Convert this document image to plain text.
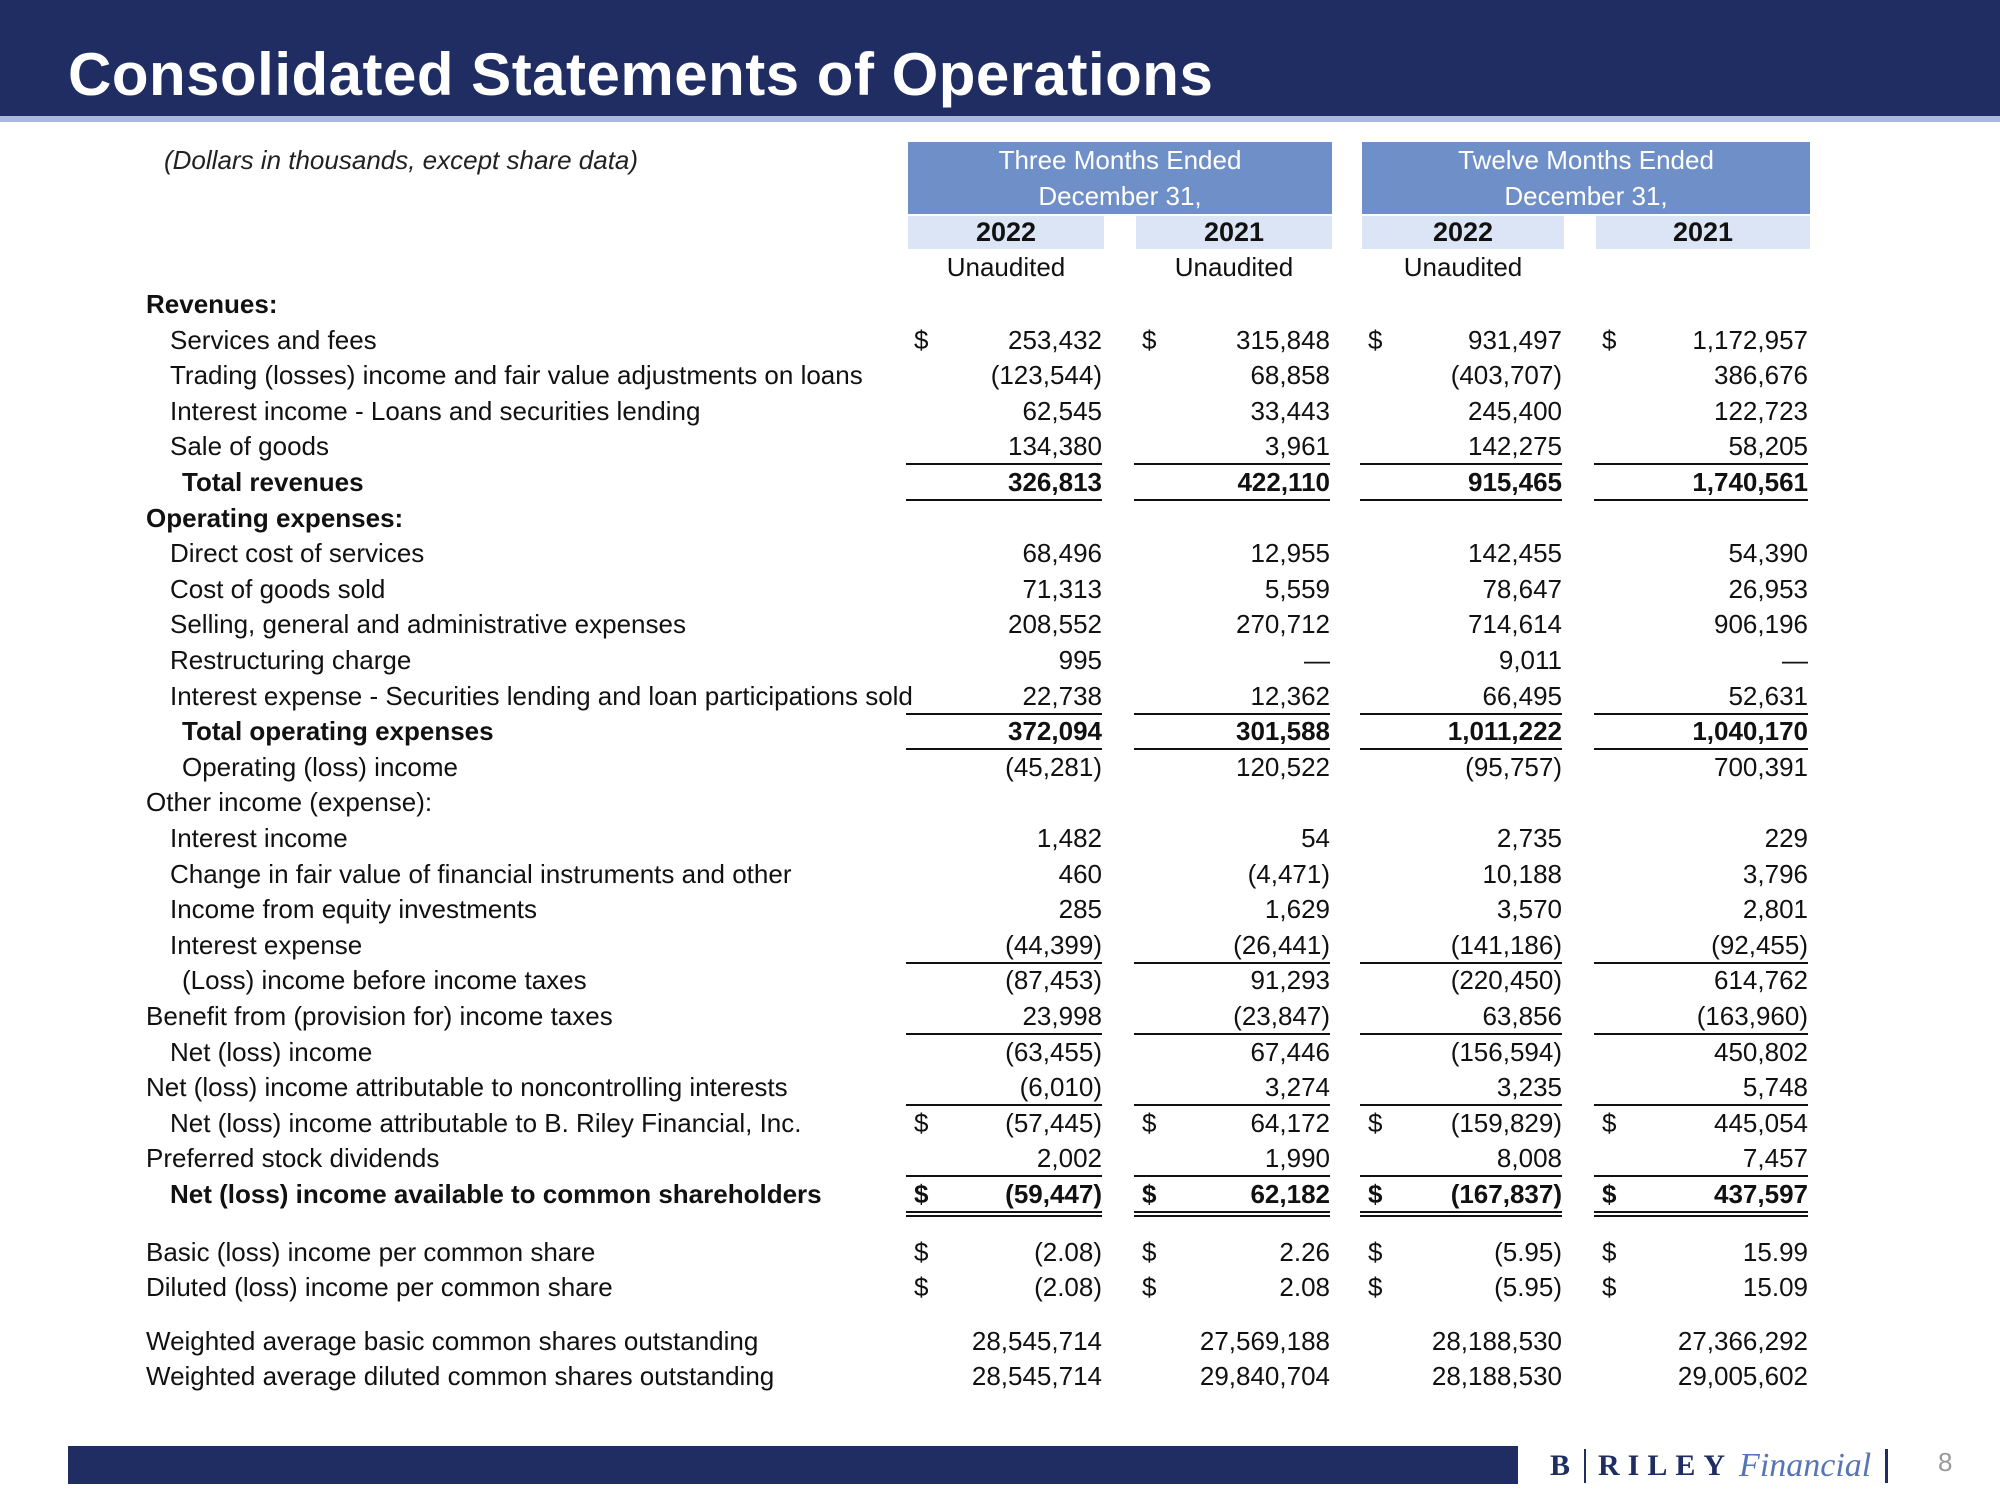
Consolidated Statements of Operations
(Dollars in thousands, except share data)	Three Months Ended
December 31,
Twelve Months Ended
December 31,
2022	2021	2022	2021
Unaudited	Unaudited	Unaudited
Revenues:
Services and fees	$	253,432 $	315,848 $	931,497 $	1,172,957
Trading (losses) income and fair value adjustments on loans	(123,544)	68,858	(403,707)	386,676
Interest income - Loans and securities lending	62,545	33,443	245,400	122,723
Sale of goods	134,380	3,961	142,275	58,205
Total revenues	326,813	422,110	915,465	1,740,561
Operating expenses:
Direct cost of services	68,496	12,955	142,455	54,390
Cost of goods sold	71,313	5,559	78,647	26,953
Selling, general and administrative expenses	208,552	270,712	714,614	906,196
Restructuring charge	995	—	9,011	—
Interest expense - Securities lending and loan participations sold	22,738	12,362	66,495	52,631
Total operating expenses	372,094	301,588	1,011,222	1,040,170
Operating (loss) income	(45,281)	120,522	(95,757)	700,391
Other income (expense):
Interest income	1,482	54	2,735	229
Change in fair value of financial instruments and other	460	(4,471)	10,188	3,796
Income from equity investments	285	1,629	3,570	2,801
Interest expense	(44,399)	(26,441)	(141,186)	(92,455)
(Loss) income before income taxes	(87,453)	91,293	(220,450)	614,762
Benefit from (provision for) income taxes	23,998	(23,847)	63,856	(163,960)
Net (loss) income	(63,455)	67,446	(156,594)	450,802
Net (loss) income attributable to noncontrolling interests	(6,010)	3,274	3,235	5,748
Net (loss) income attributable to B. Riley Financial, Inc.	$	(57,445) $	64,172 $	(159,829) $	445,054
Preferred stock dividends	2,002	1,990	8,008	7,457
Net (loss) income available to common shareholders	$	(59,447) $	62,182 $	(167,837) $	437,597
Basic (loss) income per common share	$	(2.08) $	2.26 $	(5.95) $	15.99
Diluted (loss) income per common share	$	(2.08) $	2.08 $	(5.95) $	15.09
Weighted average basic common shares outstanding	28,545,714	27,569,188	28,188,530	27,366,292
Weighted average diluted common shares outstanding	28,545,714	29,840,704	28,188,530	29,005,602
B RILEY Financial	8
